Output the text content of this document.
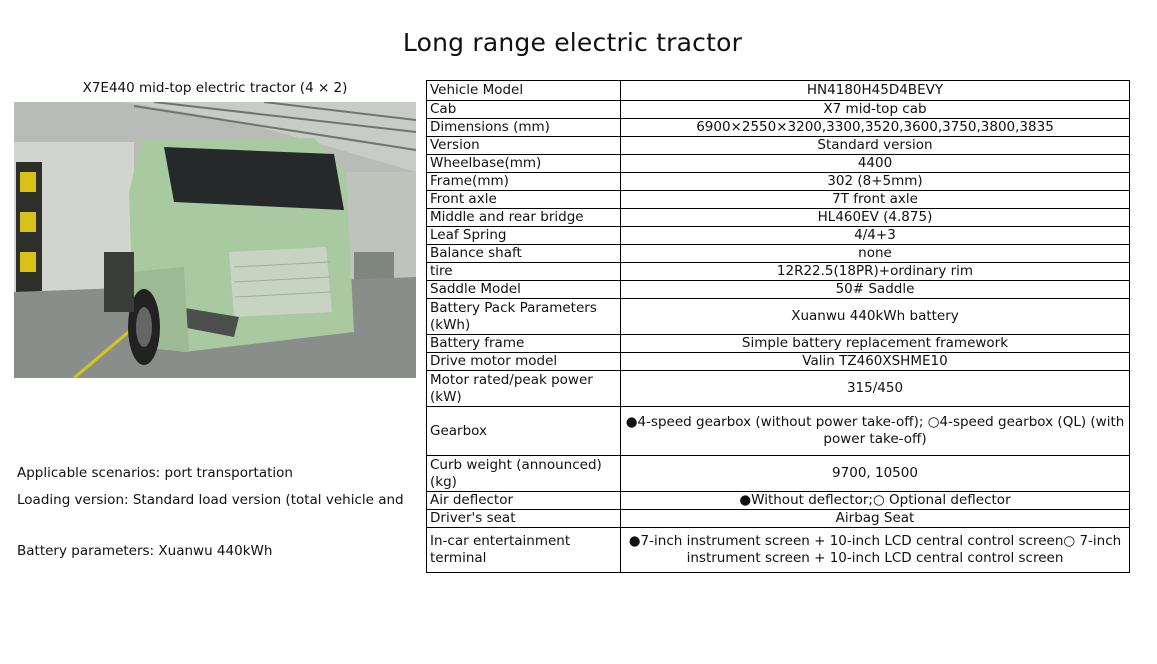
Long range electric tractor
X7E440 mid-top electric tractor (4 × 2)
Applicable scenarios: port transportation
Loading version: Standard load version (total vehicle and
Battery parameters: Xuanwu 440kWh
Vehicle Model	HN4180H45D4BEVY
Cab	X7 mid-top cab
Dimensions (mm)	6900×2550×3200,3300,3520,3600,3750,3800,3835
Version	Standard version
Wheelbase(mm)	4400
Frame(mm)	302 (8+5mm)
Front axle	7T front axle
Middle and rear bridge	HL460EV (4.875)
Leaf Spring	4/4+3
Balance shaft	none
tire	12R22.5(18PR)+ordinary rim
Saddle Model	50# Saddle
Battery Pack Parameters (kWh)	Xuanwu 440kWh battery
Battery frame	Simple battery replacement framework
Drive motor model	Valin TZ460XSHME10
Motor rated/peak power (kW)	315/450
Gearbox	●4-speed gearbox (without power take-off); ○4-speed gearbox (QL) (with power take-off)
Curb weight (announced) (kg)	9700, 10500
Air deflector	●Without deflector;○ Optional deflector
Driver's seat	Airbag Seat
In-car entertainment terminal	●7-inch instrument screen + 10-inch LCD central control screen○ 7-inch instrument screen + 10-inch LCD central control screen
